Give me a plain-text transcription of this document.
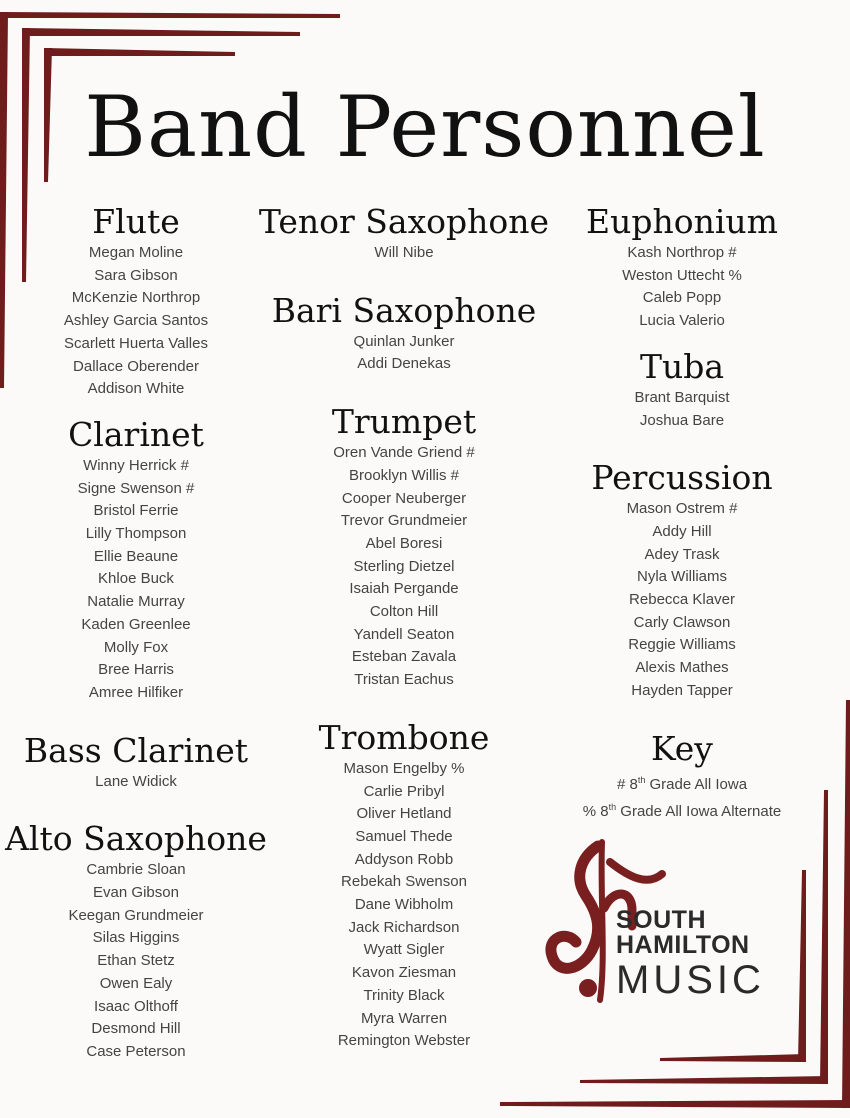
Band Personnel
Flute
Megan Moline
Sara Gibson
McKenzie Northrop
Ashley Garcia Santos
Scarlett Huerta Valles
Dallace Oberender
Addison White
Clarinet
Winny Herrick #
Signe Swenson #
Bristol Ferrie
Lilly Thompson
Ellie Beaune
Khloe Buck
Natalie Murray
Kaden Greenlee
Molly Fox
Bree Harris
Amree Hilfiker
Bass Clarinet
Lane Widick
Alto Saxophone
Cambrie Sloan
Evan Gibson
Keegan Grundmeier
Silas Higgins
Ethan Stetz
Owen Ealy
Isaac Olthoff
Desmond Hill
Case Peterson
Tenor Saxophone
Will Nibe
Bari Saxophone
Quinlan Junker
Addi Denekas
Trumpet
Oren Vande Griend #
Brooklyn Willis #
Cooper Neuberger
Trevor Grundmeier
Abel Boresi
Sterling Dietzel
Isaiah Pergande
Colton Hill
Yandell Seaton
Esteban Zavala
Tristan Eachus
Trombone
Mason Engelby %
Carlie Pribyl
Oliver Hetland
Samuel Thede
Addyson Robb
Rebekah Swenson
Dane Wibholm
Jack Richardson
Wyatt Sigler
Kavon Ziesman
Trinity Black
Myra Warren
Remington Webster
Euphonium
Kash Northrop #
Weston Uttecht %
Caleb Popp
Lucia Valerio
Tuba
Brant Barquist
Joshua Bare
Percussion
Mason Ostrem #
Addy Hill
Adey Trask
Nyla Williams
Rebecca Klaver
Carly Clawson
Reggie Williams
Alexis Mathes
Hayden Tapper
Key
# 8th Grade All Iowa
% 8th Grade All Iowa Alternate
SOUTH
HAMILTON
MUSIC
